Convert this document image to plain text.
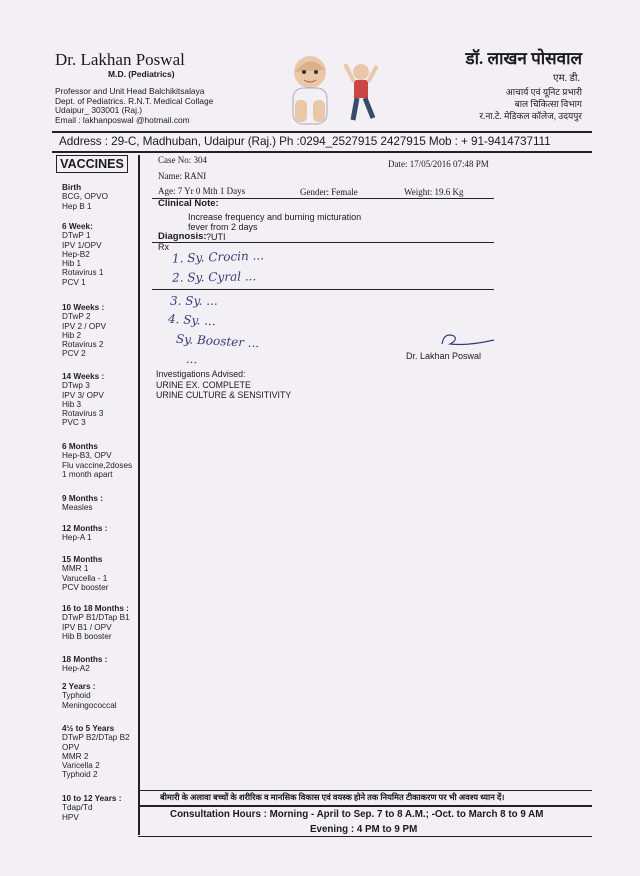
Dr. Lakhan Poswal
M.D. (Pediatrics)
Professor and Unit Head Balchikitsalaya
Dept. of Pediatrics. R.N.T. Medical Collage
Udaipur_ 303001 (Raj.)
Email : lakhanposwal @hotmail.com
डॉ. लाखन पोसवाल
एम. डी.
आचार्य एवं यूनिट प्रभारी
बाल चिकित्सा विभाग
र.ना.टे. मेडिकल कॉलेज, उदयपुर
Address : 29-C, Madhuban, Udaipur (Raj.) Ph :0294_2527915 2427915 Mob : + 91-9414737111
VACCINES
Birth
BCG, OPVO
Hep B 1
6 Week:
DTwP 1
IPV 1/OPV
Hep-B2
Hib 1
Rotavirus 1
PCV 1
10 Weeks :
DTwP 2
IPV 2 / OPV
Hib 2
Rotavirus 2
PCV 2
14 Weeks :
DTwp 3
IPV 3/ OPV
Hib 3
Rotavirus 3
PVC 3
6 Months
Hep-B3, OPV
Flu vaccine,2doses
1 month apart
9 Months :
Measles
12 Months :
Hep-A 1
15 Months
MMR 1
Varucella - 1
PCV booster
16 to 18 Months :
DTwP B1/DTap B1
IPV B1 / OPV
Hib B booster
18 Months :
Hep-A2
2 Years :
Typhoid
Meningococcal
4½ to 5 Years
DTwP B2/DTap B2
OPV
MMR 2
Varicella 2
Typhoid 2
10 to 12 Years :
Tdap/Td
HPV
Case No: 304	Date: 17/05/2016 07:48 PM
Name: RANI
Age: 7 Yr 0 Mth 1 Days	Gender: Female	Weight: 19.6 Kg
Clinical Note:
Increase frequency and burning micturation
fever from 2 days
Diagnosis: ?UTI
Rx
1. Sy. Crocin ...
2. Sy. Cyral ...
3. Sy. ...
4. Sy. ...
Sy. Booster ...
...	Dr. Lakhan Poswal
Investigations Advised:
URINE EX. COMPLETE
URINE CULTURE & SENSITIVITY
बीमारी के अलावा बच्चों के शरीरिक व मानसिक विकास एवं वयस्क होने तक नियमित टीकाकरण पर भी अवश्य ध्यान दें।
Consultation Hours : Morning - April to Sep. 7 to 8 A.M.; -Oct. to March 8 to 9 AM
Evening : 4 PM to 9 PM
